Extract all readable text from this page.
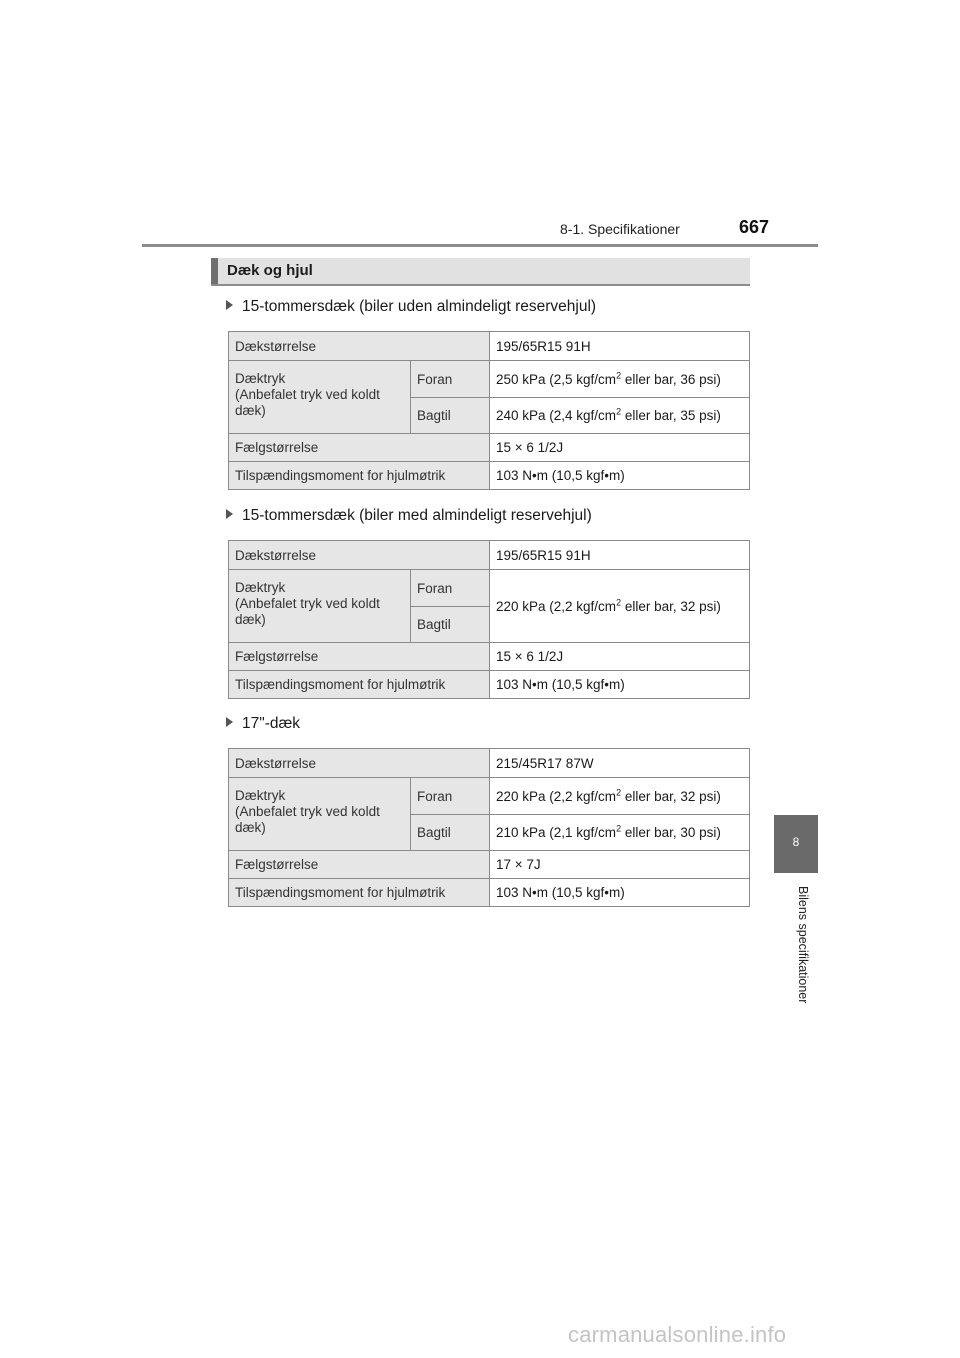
8-1. Specifikationer	667
8
Bilens specifikationer
Dæk og hjul
15-tommersdæk (biler uden almindeligt reservehjul)
Dækstørrelse		195/65R15 91H
Dæktryk
(Anbefalet tryk ved koldt
dæk)	Foran	250 kPa (2,5 kgf/$cm^2$ eller bar, 36 psi)
	Bagtil	240 kPa (2,4 kgf/$cm^2$ eller bar, 35 psi)
Fælgstørrelse		15 × 6 1/2J
Tilspændingsmoment for hjulmøtrik		103 N•m (10,5 kgf•m)
15-tommersdæk (biler med almindeligt reservehjul)
Dækstørrelse		195/65R15 91H
Dæktryk
(Anbefalet tryk ved koldt
dæk)	Foran	220 kPa (2,2 kgf/$cm^2$ eller bar, 32 psi)
	Bagtil	
Fælgstørrelse		15 × 6 1/2J
Tilspændingsmoment for hjulmøtrik		103 N•m (10,5 kgf•m)
17"-dæk
Dækstørrelse		215/45R17 87W
Dæktryk
(Anbefalet tryk ved koldt
dæk)	Foran	220 kPa (2,2 kgf/$cm^2$ eller bar, 32 psi)
	Bagtil	210 kPa (2,1 kgf/$cm^2$ eller bar, 30 psi)
Fælgstørrelse		17 × 7J
Tilspændingsmoment for hjulmøtrik		103 N•m (10,5 kgf•m)
carmanualsonline.info
